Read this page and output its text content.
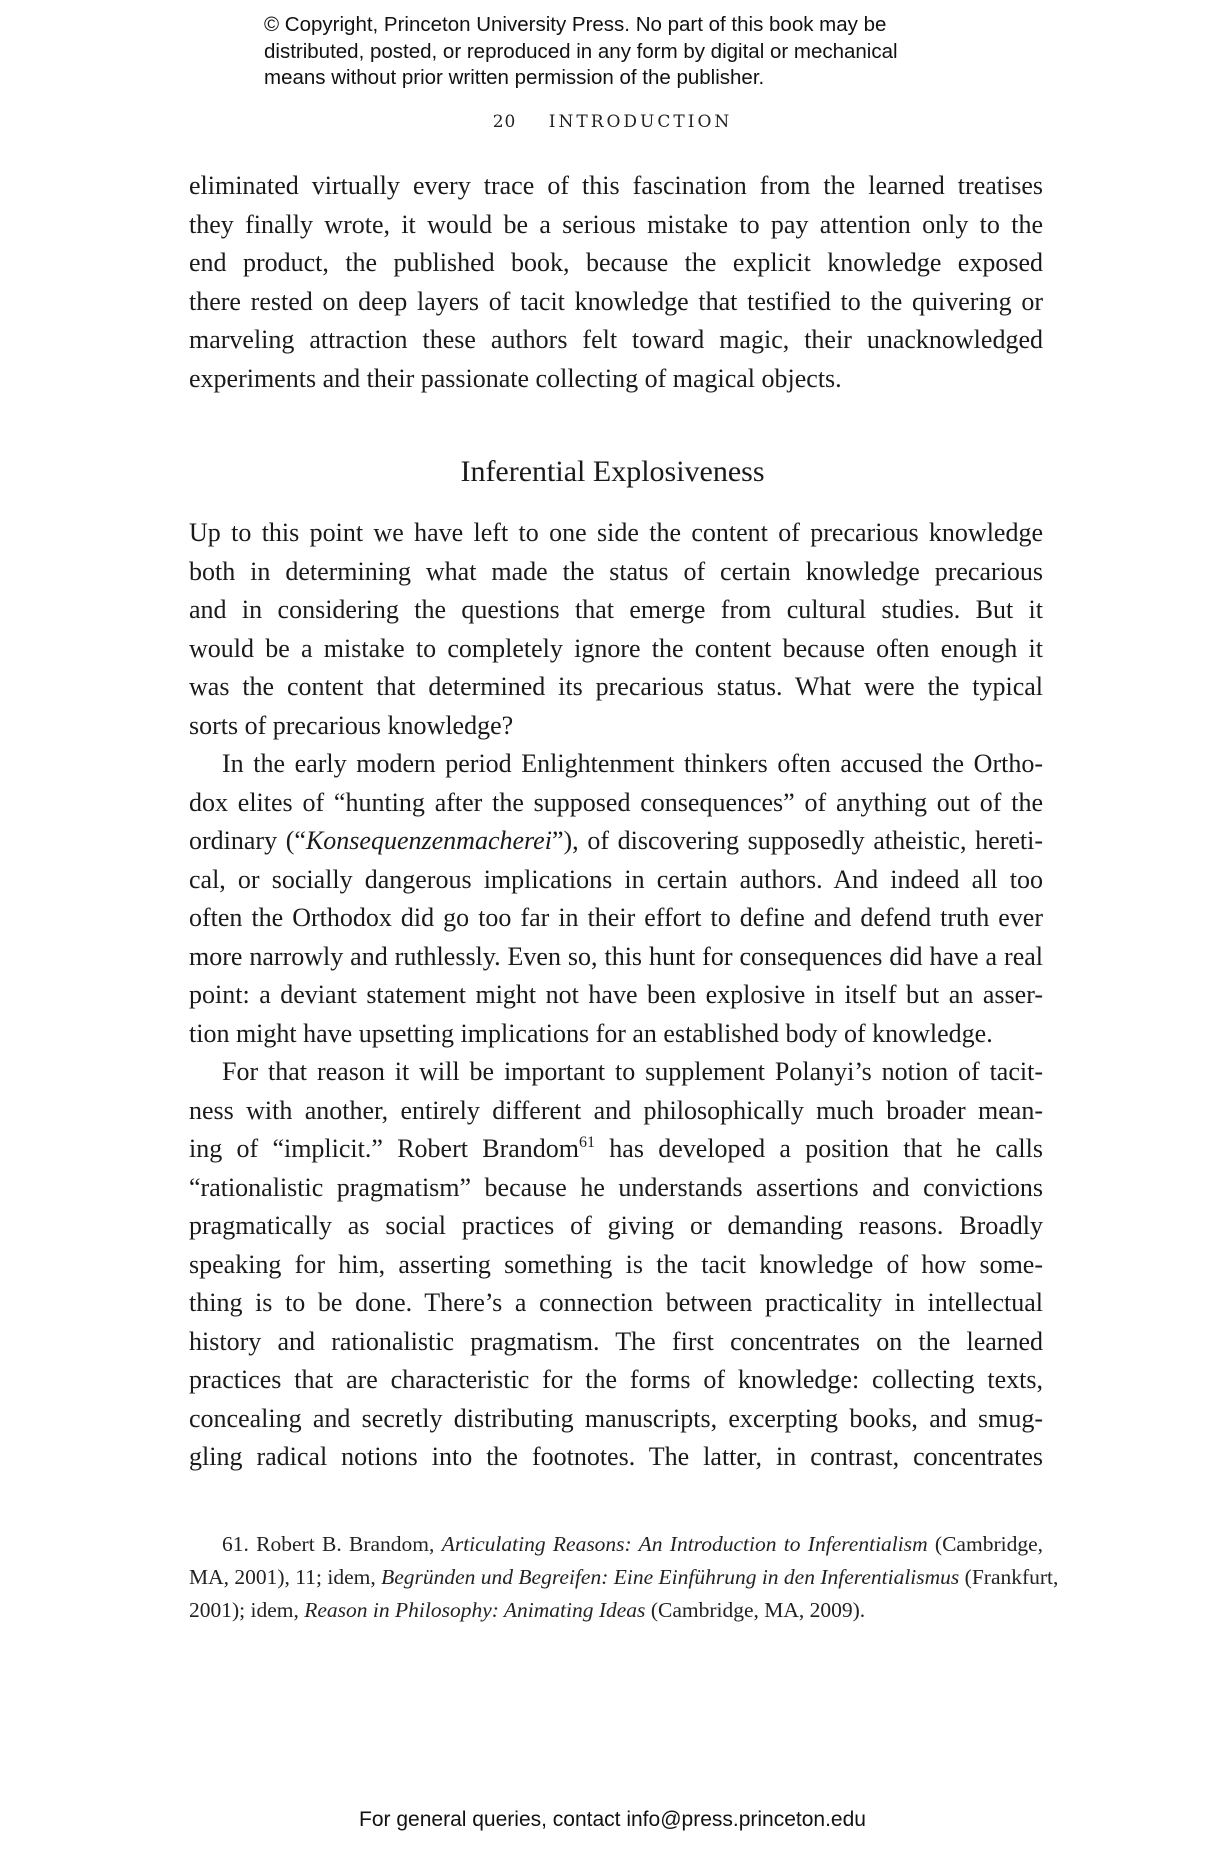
© Copyright, Princeton University Press. No part of this book may be
distributed, posted, or reproduced in any form by digital or mechanical
means without prior written permission of the publisher.
20 INTRODUCTION
eliminated virtually every trace of this fascination from the learned treatises
they finally wrote, it would be a serious mistake to pay attention only to the
end product, the published book, because the explicit knowledge exposed
there rested on deep layers of tacit knowledge that testified to the quivering or
marveling attraction these authors felt toward magic, their unacknowledged
experiments and their passionate collecting of magical objects.
Inferential Explosiveness
Up to this point we have left to one side the content of precarious knowledge
both in determining what made the status of certain knowledge precarious
and in considering the questions that emerge from cultural studies. But it
would be a mistake to completely ignore the content because often enough it
was the content that determined its precarious status. What were the typical
sorts of precarious knowledge?
In the early modern period Enlightenment thinkers often accused the Ortho-
dox elites of “hunting after the supposed consequences” of anything out of the
ordinary (“Konsequenzenmacherei”), of discovering supposedly atheistic, hereti-
cal, or socially dangerous implications in certain authors. And indeed all too
often the Orthodox did go too far in their effort to define and defend truth ever
more narrowly and ruthlessly. Even so, this hunt for consequences did have a real
point: a deviant statement might not have been explosive in itself but an asser-
tion might have upsetting implications for an established body of knowledge.
For that reason it will be important to supplement Polanyi’s notion of tacit-
ness with another, entirely different and philosophically much broader mean-
ing of “implicit.” Robert Brandom$^{61}$ has developed a position that he calls
“rationalistic pragmatism” because he understands assertions and convictions
pragmatically as social practices of giving or demanding reasons. Broadly
speaking for him, asserting something is the tacit knowledge of how some-
thing is to be done. There’s a connection between practicality in intellectual
history and rationalistic pragmatism. The first concentrates on the learned
practices that are characteristic for the forms of knowledge: collecting texts,
concealing and secretly distributing manuscripts, excerpting books, and smug-
gling radical notions into the footnotes. The latter, in contrast, concentrates
61. Robert B. Brandom, Articulating Reasons: An Introduction to Inferentialism (Cambridge,
MA, 2001), 11; idem, Begründen und Begreifen: Eine Einführung in den Inferentialismus (Frankfurt,
2001); idem, Reason in Philosophy: Animating Ideas (Cambridge, MA, 2009).
For general queries, contact info@press.princeton.edu
